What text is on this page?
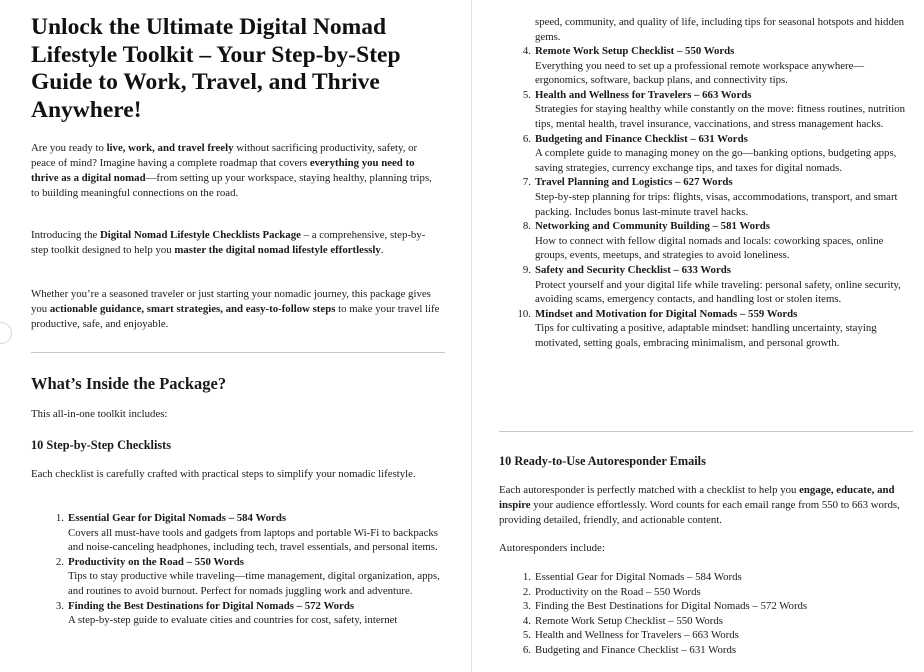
Unlock the Ultimate Digital Nomad Lifestyle Toolkit – Your Step-by-Step Guide to Work, Travel, and Thrive Anywhere!

Are you ready to live, work, and travel freely without sacrificing productivity, safety, or peace of mind? Imagine having a complete roadmap that covers everything you need to thrive as a digital nomad—from setting up your workspace, staying healthy, planning trips, to building meaningful connections on the road.

Introducing the Digital Nomad Lifestyle Checklists Package – a comprehensive, step-by-step toolkit designed to help you master the digital nomad lifestyle effortlessly.

Whether you’re a seasoned traveler or just starting your nomadic journey, this package gives you actionable guidance, smart strategies, and easy-to-follow steps to make your travel life productive, safe, and enjoyable.

What’s Inside the Package?

This all-in-one toolkit includes:

10 Step-by-Step Checklists

Each checklist is carefully crafted with practical steps to simplify your nomadic lifestyle.

1. Essential Gear for Digital Nomads – 584 Words
Covers all must-have tools and gadgets from laptops and portable Wi-Fi to backpacks and noise-canceling headphones, including tech, travel essentials, and personal items.
2. Productivity on the Road – 550 Words
Tips to stay productive while traveling—time management, digital organization, apps, and routines to avoid burnout. Perfect for nomads juggling work and adventure.
3. Finding the Best Destinations for Digital Nomads – 572 Words
A step-by-step guide to evaluate cities and countries for cost, safety, internet

speed, community, and quality of life, including tips for seasonal hotspots and hidden gems.

4. Remote Work Setup Checklist – 550 Words
Everything you need to set up a professional remote workspace anywhere—ergonomics, software, backup plans, and connectivity tips.
5. Health and Wellness for Travelers – 663 Words
Strategies for staying healthy while constantly on the move: fitness routines, nutrition tips, mental health, travel insurance, vaccinations, and stress management hacks.
6. Budgeting and Finance Checklist – 631 Words
A complete guide to managing money on the go—banking options, budgeting apps, saving strategies, currency exchange tips, and taxes for digital nomads.
7. Travel Planning and Logistics – 627 Words
Step-by-step planning for trips: flights, visas, accommodations, transport, and smart packing. Includes bonus last-minute travel hacks.
8. Networking and Community Building – 581 Words
How to connect with fellow digital nomads and locals: coworking spaces, online groups, events, meetups, and strategies to avoid loneliness.
9. Safety and Security Checklist – 633 Words
Protect yourself and your digital life while traveling: personal safety, online security, avoiding scams, emergency contacts, and handling lost or stolen items.
10. Mindset and Motivation for Digital Nomads – 559 Words
Tips for cultivating a positive, adaptable mindset: handling uncertainty, staying motivated, setting goals, embracing minimalism, and personal growth.
10 Ready-to-Use Autoresponder Emails

Each autoresponder is perfectly matched with a checklist to help you engage, educate, and inspire your audience effortlessly. Word counts for each email range from 550 to 663 words, providing detailed, friendly, and actionable content.

Autoresponders include:

1. Essential Gear for Digital Nomads – 584 Words
2. Productivity on the Road – 550 Words
3. Finding the Best Destinations for Digital Nomads – 572 Words
4. Remote Work Setup Checklist – 550 Words
5. Health and Wellness for Travelers – 663 Words
6. Budgeting and Finance Checklist – 631 Words
